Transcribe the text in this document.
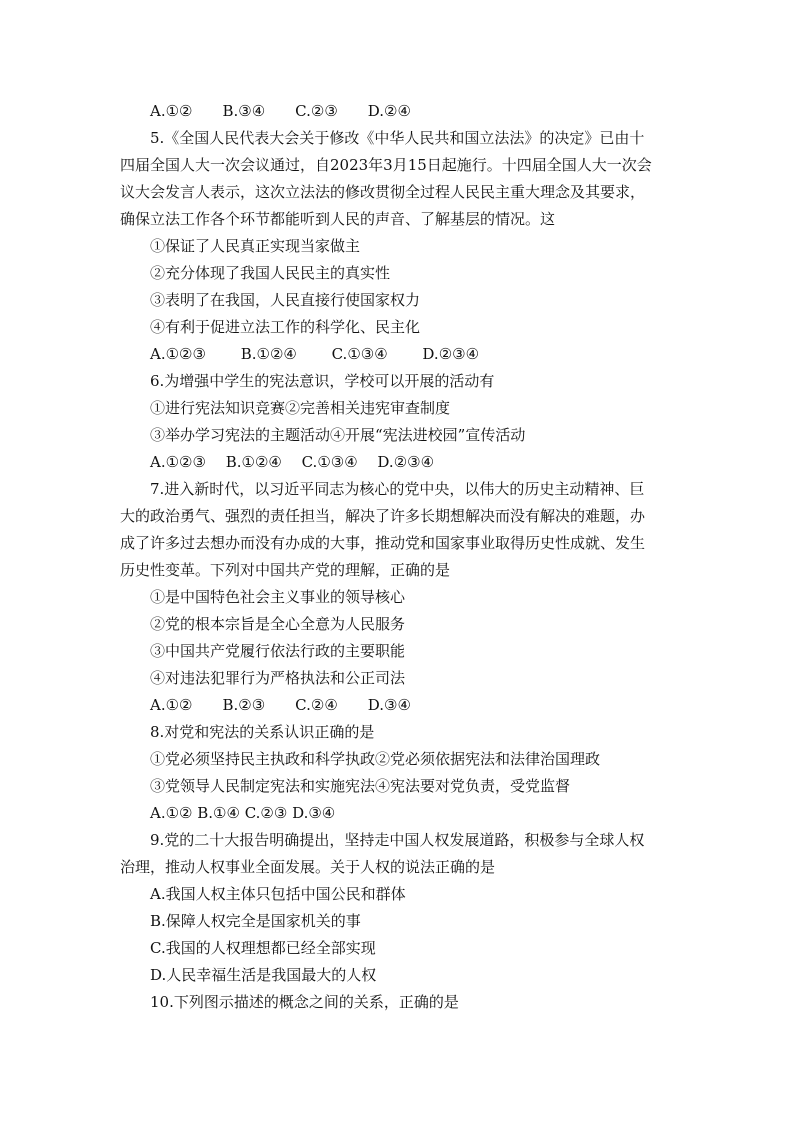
A.①②　　B.③④　　C.②③　　D.②④
5.《全国人民代表大会关于修改《中华人民共和国立法法》的决定》已由十
四届全国人大一次会议通过，自2023年3月15日起施行。十四届全国人大一次会
议大会发言人表示，这次立法法的修改贯彻全过程人民民主重大理念及其要求，
确保立法工作各个环节都能听到人民的声音、了解基层的情况。这
①保证了人民真正实现当家做主
②充分体现了我国人民民主的真实性
③表明了在我国，人民直接行使国家权力
④有利于促进立法工作的科学化、民主化
A.①②③　　 B.①②④　　 C.①③④　　 D.②③④
6.为增强中学生的宪法意识，学校可以开展的活动有
①进行宪法知识竞赛②完善相关违宪审查制度
③举办学习宪法的主题活动④开展“宪法进校园”宣传活动
A.①②③　 B.①②④　 C.①③④　 D.②③④
7.进入新时代，以习近平同志为核心的党中央，以伟大的历史主动精神、巨
大的政治勇气、强烈的责任担当，解决了许多长期想解决而没有解决的难题，办
成了许多过去想办而没有办成的大事，推动党和国家事业取得历史性成就、发生
历史性变革。下列对中国共产党的理解，正确的是
①是中国特色社会主义事业的领导核心
②党的根本宗旨是全心全意为人民服务
③中国共产党履行依法行政的主要职能
④对违法犯罪行为严格执法和公正司法
A.①②　　B.②③　　C.②④　　D.③④
8.对党和宪法的关系认识正确的是
①党必须坚持民主执政和科学执政②党必须依据宪法和法律治国理政
③党领导人民制定宪法和实施宪法④宪法要对党负责，受党监督
A.①② B.①④ C.②③ D.③④
9.党的二十大报告明确提出，坚持走中国人权发展道路，积极参与全球人权
治理，推动人权事业全面发展。关于人权的说法正确的是
A.我国人权主体只包括中国公民和群体
B.保障人权完全是国家机关的事
C.我国的人权理想都已经全部实现
D.人民幸福生活是我国最大的人权
10.下列图示描述的概念之间的关系，正确的是
